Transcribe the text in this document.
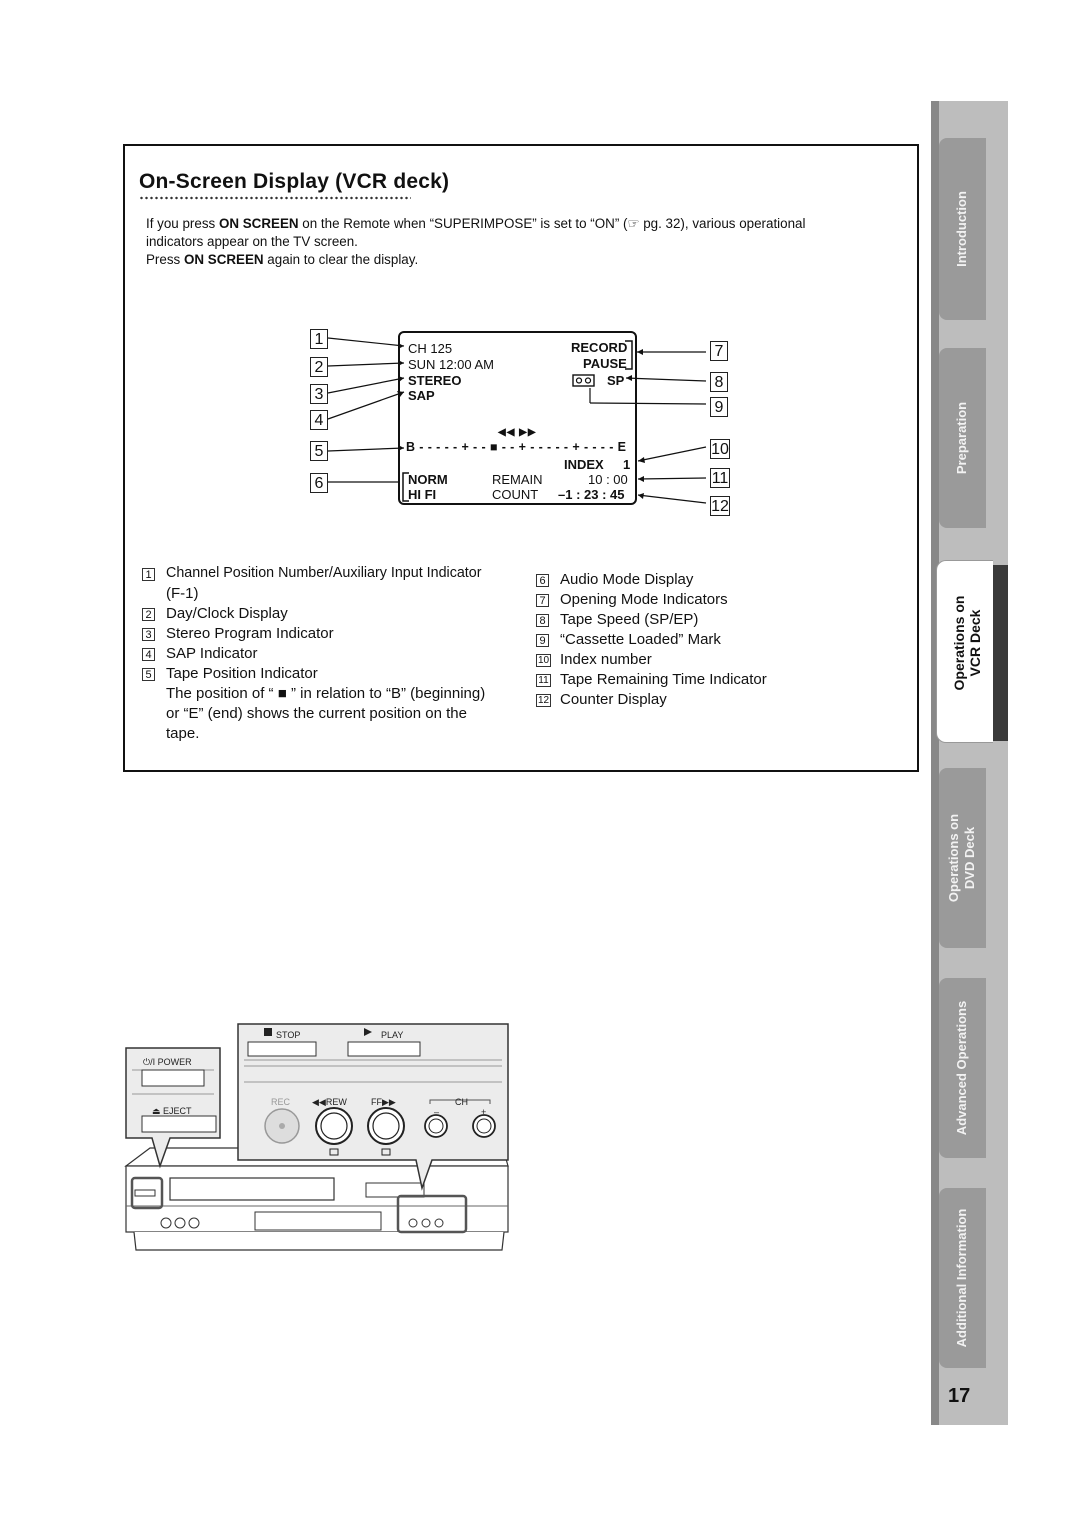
On-Screen Display (VCR deck)
If you press ON SCREEN on the Remote when “SUPERIMPOSE” is set to “ON” (☞ pg. 32), various operational
indicators appear on the TV screen.
Press ON SCREEN again to clear the display.
1
2
3
4
5
6
7
8
9
10
11
12
CH 125
SUN 12:00 AM
STEREO
SAP
RECORD
PAUSE
SP
◀◀ ▶▶
B - - - - - + - - ■ - - + - - - - - + - - - - E
INDEX 1
NORM
HI FI
REMAIN	10 : 00
COUNT –1 : 23 : 45
1 Channel Position Number/Auxiliary Input Indicator
(F-1)
2 Day/Clock Display
3 Stereo Program Indicator
4 SAP Indicator
5 Tape Position Indicator
The position of “ ■ ” in relation to “B” (beginning)
or “E” (end) shows the current position on the
tape.
6 Audio Mode Display
7 Opening Mode Indicators
8 Tape Speed (SP/EP)
9 “Cassette Loaded” Mark
10 Index number
11 Tape Remaining Time Indicator
12 Counter Display
STOP	PLAY
⏻/I POWER
⏏ EJECT
REC ◀◀REW	FF▶▶	CH
–	+
Introduction
Preparation
Operations on VCR Deck
Operations on DVD Deck
Advanced Operations
Additional Information
17
